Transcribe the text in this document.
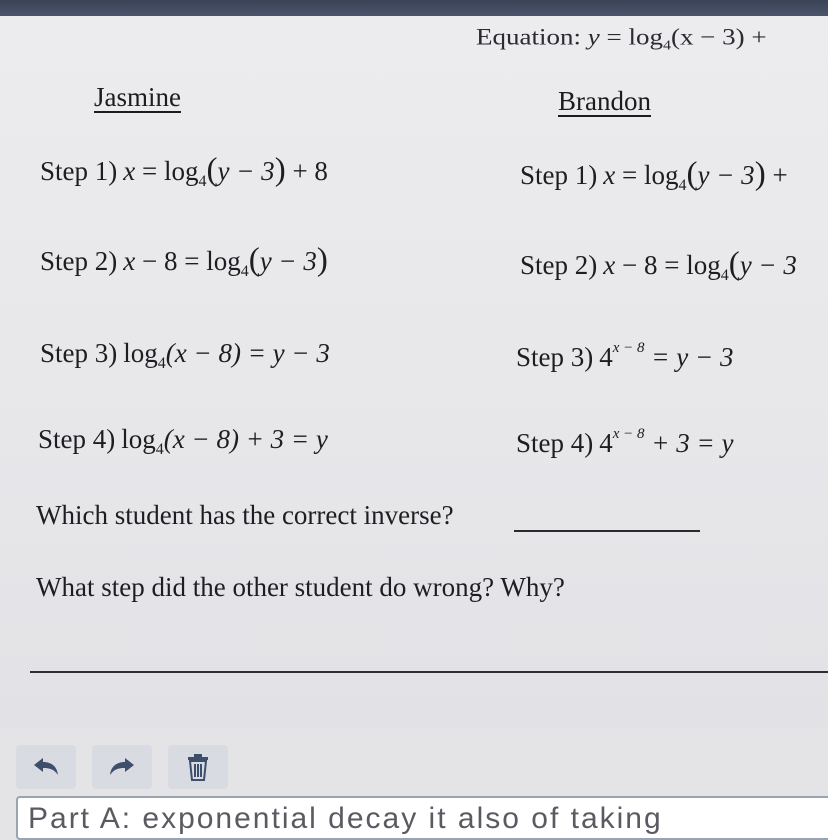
Equation: $y = \log_4(x - 3)$ +
Jasmine	Brandon
Step 1) $x = \log_4(y - 3) + 8$
Step 2) $x - 8 = \log_4(y - 3)$
Step 3) $\log_4(x - 8) = y - 3$
Step 4) $\log_4(x - 8) + 3 = y$
Step 1) $x = \log_4(y - 3)$ +
Step 2) $x - 8 = \log_4(y - 3$
Step 3) $4^{x - 8} = y - 3$
Step 4) $4^{x - 8} + 3 = y$
Which student has the correct inverse?
What step did the other student do wrong? Why?
Part A: exponential decay it also of taking
